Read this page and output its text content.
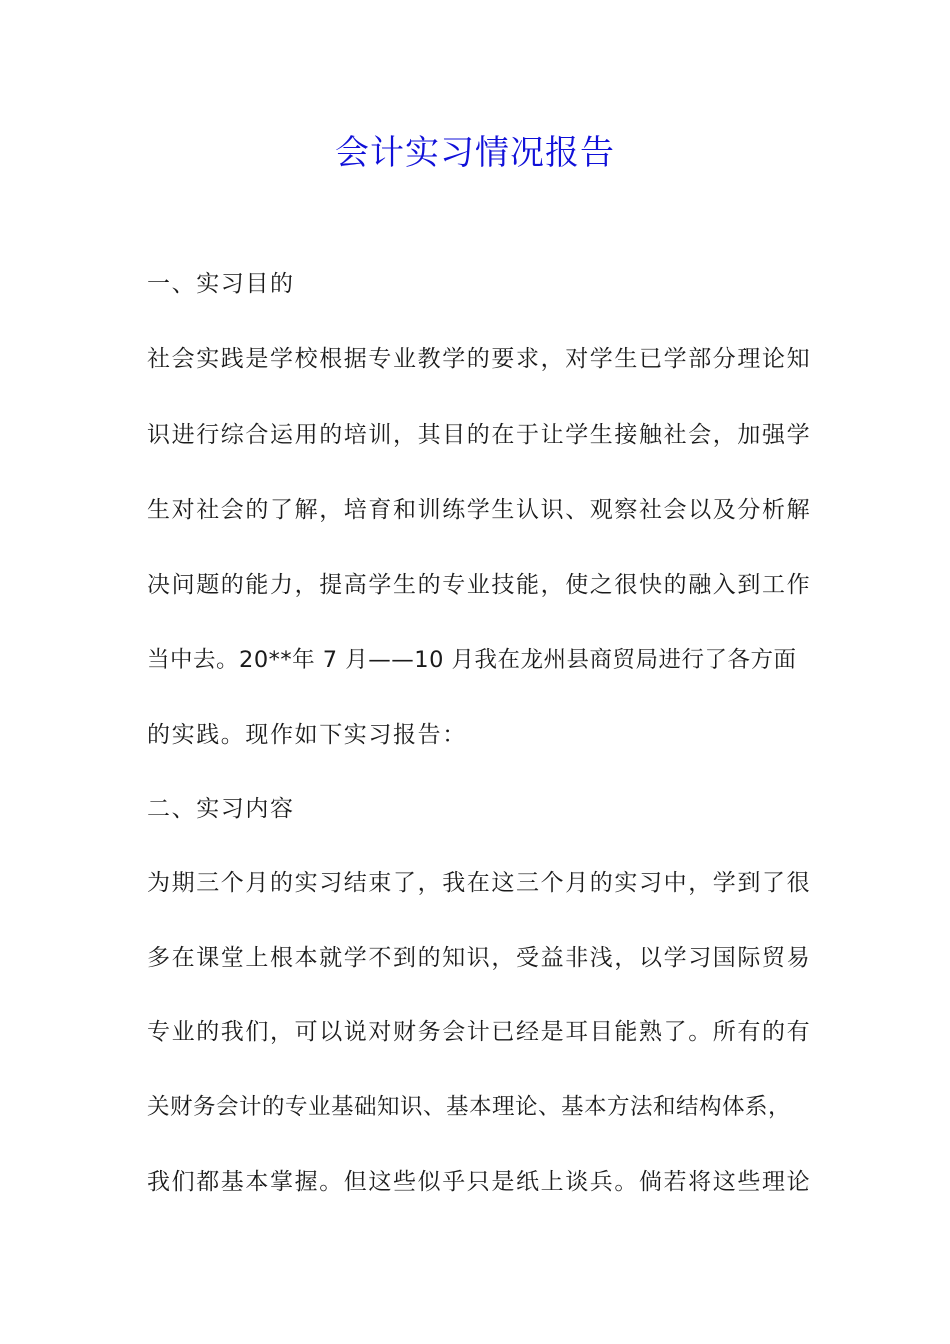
会计实习情况报告
一、实习目的
社会实践是学校根据专业教学的要求，对学生已学部分理论知
识进行综合运用的培训，其目的在于让学生接触社会，加强学
生对社会的了解，培育和训练学生认识、观察社会以及分析解
决问题的能力，提高学生的专业技能，使之很快的融入到工作
当中去。20**年 7 月——10 月我在龙州县商贸局进行了各方面
的实践。现作如下实习报告：
二、实习内容
为期三个月的实习结束了，我在这三个月的实习中，学到了很
多在课堂上根本就学不到的知识，受益非浅，以学习国际贸易
专业的我们，可以说对财务会计已经是耳目能熟了。所有的有
关财务会计的专业基础知识、基本理论、基本方法和结构体系，
我们都基本掌握。但这些似乎只是纸上谈兵。倘若将这些理论
